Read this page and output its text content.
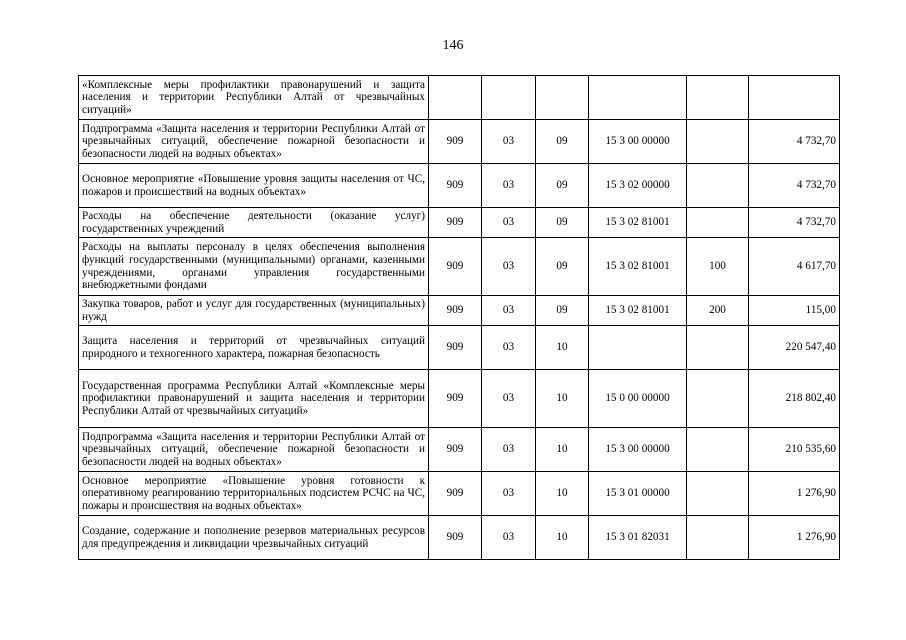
146
«Комплексные меры профилактики правонарушений и защита населения и территории Республики Алтай от чрезвычайных ситуаций»						
Подпрограмма «Защита населения и территории Республики Алтай от чрезвычайных ситуаций, обеспечение пожарной безопасности и безопасности людей на водных объектах»	909	03	09	15 3 00 00000		4 732,70
Основное мероприятие «Повышение уровня защиты населения от ЧС, пожаров и происшествий на водных объектах»	909	03	09	15 3 02 00000		4 732,70
Расходы на обеспечение деятельности (оказание услуг) государственных учреждений	909	03	09	15 3 02 81001		4 732,70
Расходы на выплаты персоналу в целях обеспечения выполнения функций государственными (муниципальными) органами, казенными учреждениями, органами управления государственными внебюджетными фондами	909	03	09	15 3 02 81001	100	4 617,70
Закупка товаров, работ и услуг для государственных (муниципальных) нужд	909	03	09	15 3 02 81001	200	115,00
Защита населения и территорий от чрезвычайных ситуаций природного и техногенного характера, пожарная безопасность	909	03	10			220 547,40
Государственная программа Республики Алтай «Комплексные меры профилактики правонарушений и защита населения и территории Республики Алтай от чрезвычайных ситуаций»	909	03	10	15 0 00 00000		218 802,40
Подпрограмма «Защита населения и территории Республики Алтай от чрезвычайных ситуаций, обеспечение пожарной безопасности и безопасности людей на водных объектах»	909	03	10	15 3 00 00000		210 535,60
Основное мероприятие «Повышение уровня готовности к оперативному реагированию территориальных подсистем РСЧС на ЧС, пожары и происшествия на водных объектах»	909	03	10	15 3 01 00000		1 276,90
Создание, содержание и пополнение резервов материальных ресурсов для предупреждения и ликвидации чрезвычайных ситуаций	909	03	10	15 3 01 82031		1 276,90
